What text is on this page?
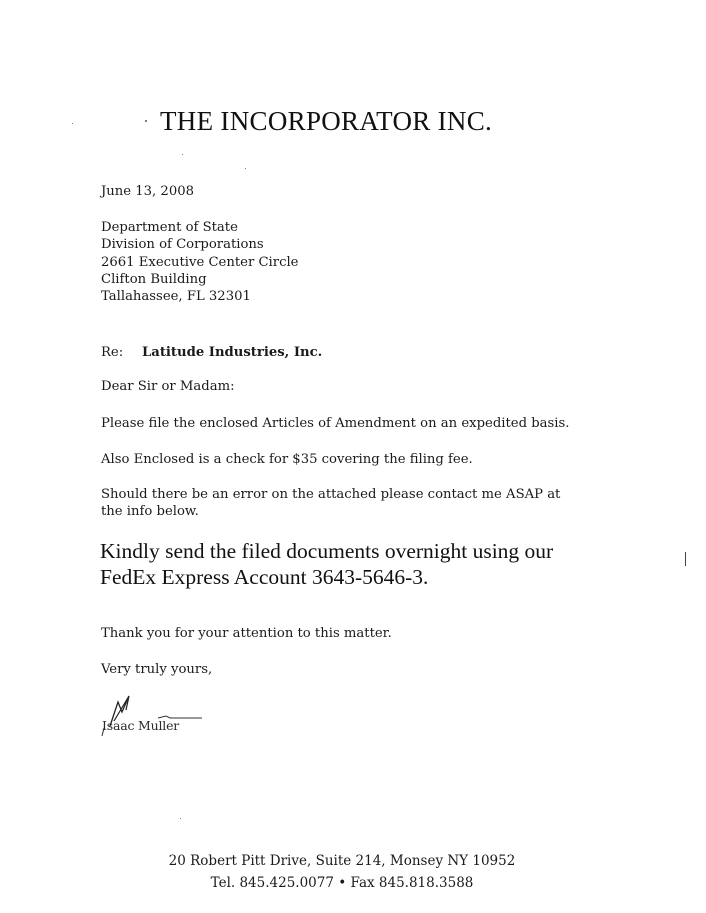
THE INCORPORATOR INC.
June 13, 2008
Department of State
Division of Corporations
2661 Executive Center Circle
Clifton Building
Tallahassee, FL 32301
Re: Latitude Industries, Inc.
Dear Sir or Madam:
Please file the enclosed Articles of Amendment on an expedited basis.
Also Enclosed is a check for $35 covering the filing fee.
Should there be an error on the attached please contact me ASAP at
the info below.
Kindly send the filed documents overnight using our
FedEx Express Account 3643-5646-3.
Thank you for your attention to this matter.
Very truly yours,
Isaac Muller
20 Robert Pitt Drive, Suite 214, Monsey NY 10952
Tel. 845.425.0077 • Fax 845.818.3588
